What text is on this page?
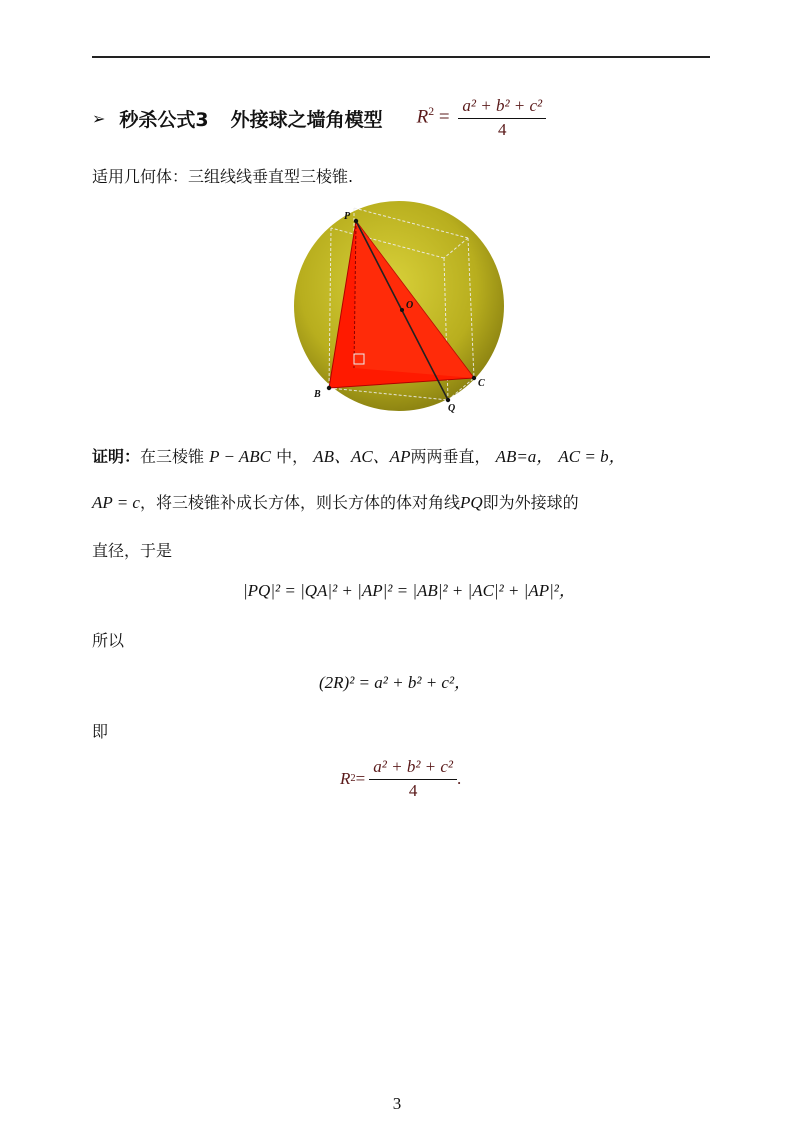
➢ 秒杀公式3 外接球之墙角模型 $R^2 = \frac{\text{a² + b² + c²}}{4}$
适用几何体：三组线线垂直型三棱锥.
P
O
B
C
Q
证明：在三棱锥 P − ABC 中， AB、AC、AP两两垂直， AB=a， AC = b，
AP = c，将三棱锥补成长方体，则长方体的体对角线PQ即为外接球的
直径，于是
|PQ|² = |QA|² + |AP|² = |AB|² + |AC|² + |AP|²，
所以
(2R)² = a² + b² + c²，
即
R $2 = \frac{\text{a² + b² + c²}}{4}$ .
3
